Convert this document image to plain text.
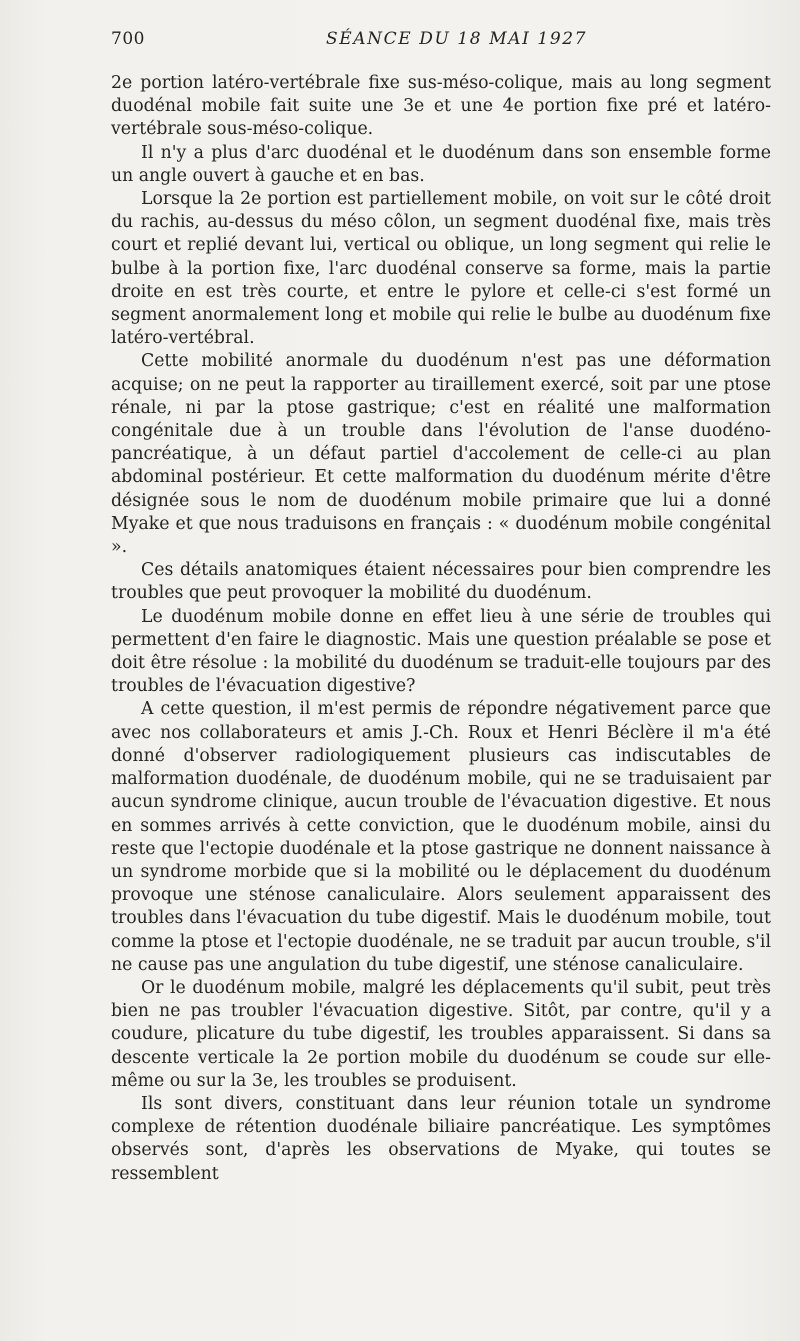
700	SÉANCE DU 18 MAI 1927

2e portion latéro-vertébrale fixe sus-méso-colique, mais au long segment duodénal mobile fait suite une 3e et une 4e portion fixe pré et latéro-vertébrale sous-méso-colique.

Il n'y a plus d'arc duodénal et le duodénum dans son ensemble forme un angle ouvert à gauche et en bas.

Lorsque la 2e portion est partiellement mobile, on voit sur le côté droit du rachis, au-dessus du méso côlon, un segment duodénal fixe, mais très court et replié devant lui, vertical ou oblique, un long segment qui relie le bulbe à la portion fixe, l'arc duodénal conserve sa forme, mais la partie droite en est très courte, et entre le pylore et celle-ci s'est formé un segment anormalement long et mobile qui relie le bulbe au duodénum fixe latéro-vertébral.

Cette mobilité anormale du duodénum n'est pas une déformation acquise; on ne peut la rapporter au tiraillement exercé, soit par une ptose rénale, ni par la ptose gastrique; c'est en réalité une malformation congénitale due à un trouble dans l'évolution de l'anse duodéno-pancréatique, à un défaut partiel d'accolement de celle-ci au plan abdominal postérieur. Et cette malformation du duodénum mérite d'être désignée sous le nom de duodénum mobile primaire que lui a donné Myake et que nous traduisons en français : « duodénum mobile congénital ».

Ces détails anatomiques étaient nécessaires pour bien comprendre les troubles que peut provoquer la mobilité du duodénum.

Le duodénum mobile donne en effet lieu à une série de troubles qui permettent d'en faire le diagnostic. Mais une question préalable se pose et doit être résolue : la mobilité du duodénum se traduit-elle toujours par des troubles de l'évacuation digestive?

A cette question, il m'est permis de répondre négativement parce que avec nos collaborateurs et amis J.-Ch. Roux et Henri Béclère il m'a été donné d'observer radiologiquement plusieurs cas indiscutables de malformation duodénale, de duodénum mobile, qui ne se traduisaient par aucun syndrome clinique, aucun trouble de l'évacuation digestive. Et nous en sommes arrivés à cette conviction, que le duodénum mobile, ainsi du reste que l'ectopie duodénale et la ptose gastrique ne donnent naissance à un syndrome morbide que si la mobilité ou le déplacement du duodénum provoque une sténose canaliculaire. Alors seulement apparaissent des troubles dans l'évacuation du tube digestif. Mais le duodénum mobile, tout comme la ptose et l'ectopie duodénale, ne se traduit par aucun trouble, s'il ne cause pas une angulation du tube digestif, une sténose canaliculaire.

Or le duodénum mobile, malgré les déplacements qu'il subit, peut très bien ne pas troubler l'évacuation digestive. Sitôt, par contre, qu'il y a coudure, plicature du tube digestif, les troubles apparaissent. Si dans sa descente verticale la 2e portion mobile du duodénum se coude sur elle-même ou sur la 3e, les troubles se produisent.

Ils sont divers, constituant dans leur réunion totale un syndrome complexe de rétention duodénale biliaire pancréatique. Les symptômes observés sont, d'après les observations de Myake, qui toutes se ressemblent
